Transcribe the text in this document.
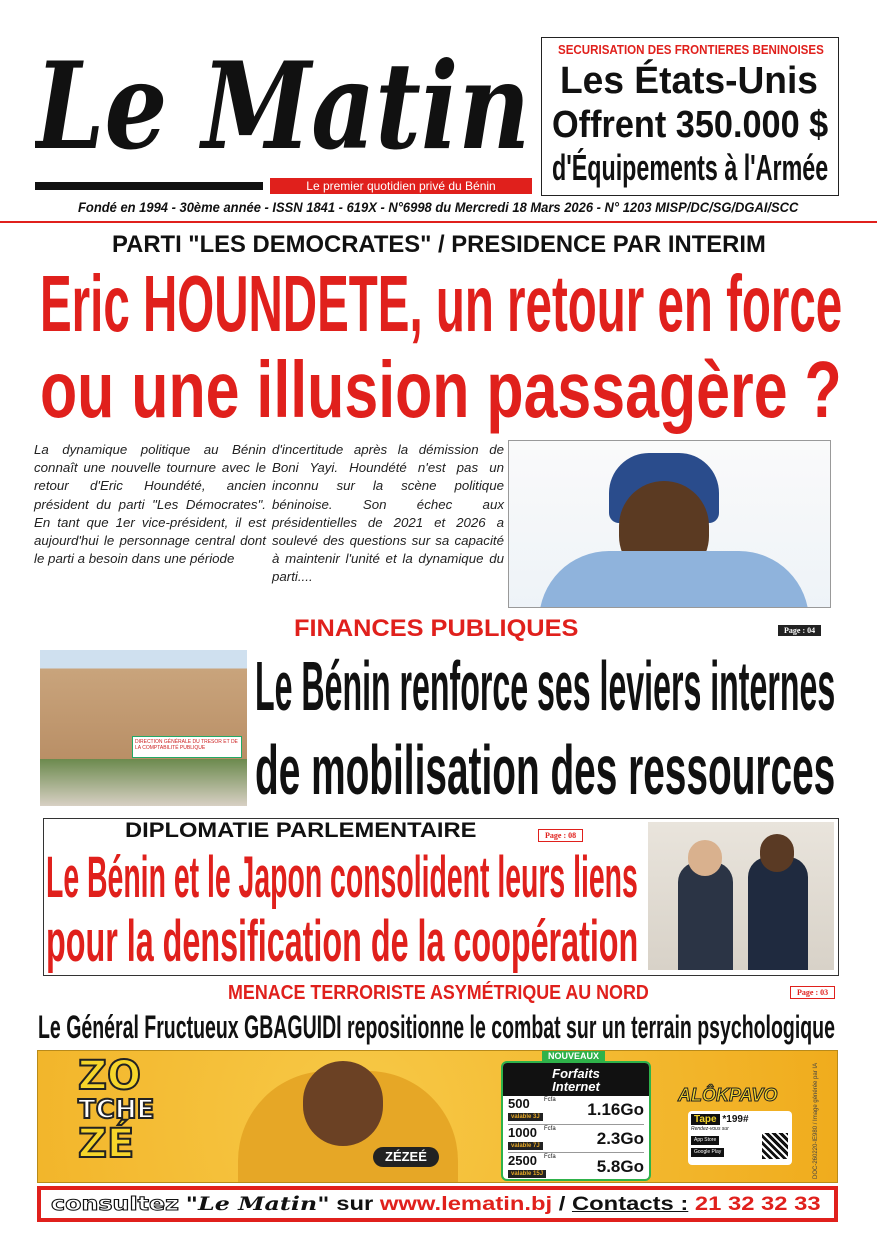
Le Matin
Le premier quotidien privé du Bénin
SECURISATION DES FRONTIERES BENINOISES
Les États-Unis
Offrent 350.000 $
d'Équipements à l'Armée
Fondé en 1994 - 30ème année - ISSN 1841 - 619X - N°6998 du Mercredi 18 Mars 2026 - N° 1203 MISP/DC/SG/DGAI/SCC
PARTI "LES DEMOCRATES" / PRESIDENCE PAR INTERIM
Eric HOUNDETE, un retour en force
ou une illusion passagère ?
La dynamique politique au Bénin connaît une nouvelle tournure avec le retour d'Eric Houndété, ancien président du parti "Les Démocrates". En tant que 1er vice-président, il est aujourd'hui le personnage central dont le parti a besoin dans une période
d'incertitude après la démission de Boni Yayi. Houndété n'est pas un inconnu sur la scène politique béninoise. Son échec aux présidentielles de 2021 et 2026 a soulevé des questions sur sa capacité à maintenir l'unité et la dynamique du parti....
FINANCES PUBLIQUES	Page : 04
DIRECTION GÉNÉRALE DU TRESOR ET DE LA COMPTABILITÉ PUBLIQUE
Le Bénin renforce ses leviers internes
de mobilisation des ressources
DIPLOMATIE PARLEMENTAIRE	Page : 08
Le Bénin et le Japon consolident leurs liens
pour la densification de la coopération
MENACE TERRORISTE ASYMÉTRIQUE AU NORD	Page : 03
Le Général Fructueux GBAGUIDI repositionne le combat sur un terrain psychologique
ZO
TCHE
ZÉ	ZÉZEÉ
Forfaits
Internet
500 Fcfa
valable 3J	1.16Go
1000 Fcfa
valable 7J	2.3Go
2500 Fcfa
valable 15J	5.8Go
NOUVEAUX
ALÔKPAVO
Tape *199#
Rendez-vous sur
App Store
Google Play	DOC-260220-IE980 / Image générée par IA
consultez "Le Matin" sur www.lematin.bj / Contacts : 21 32 32 33
